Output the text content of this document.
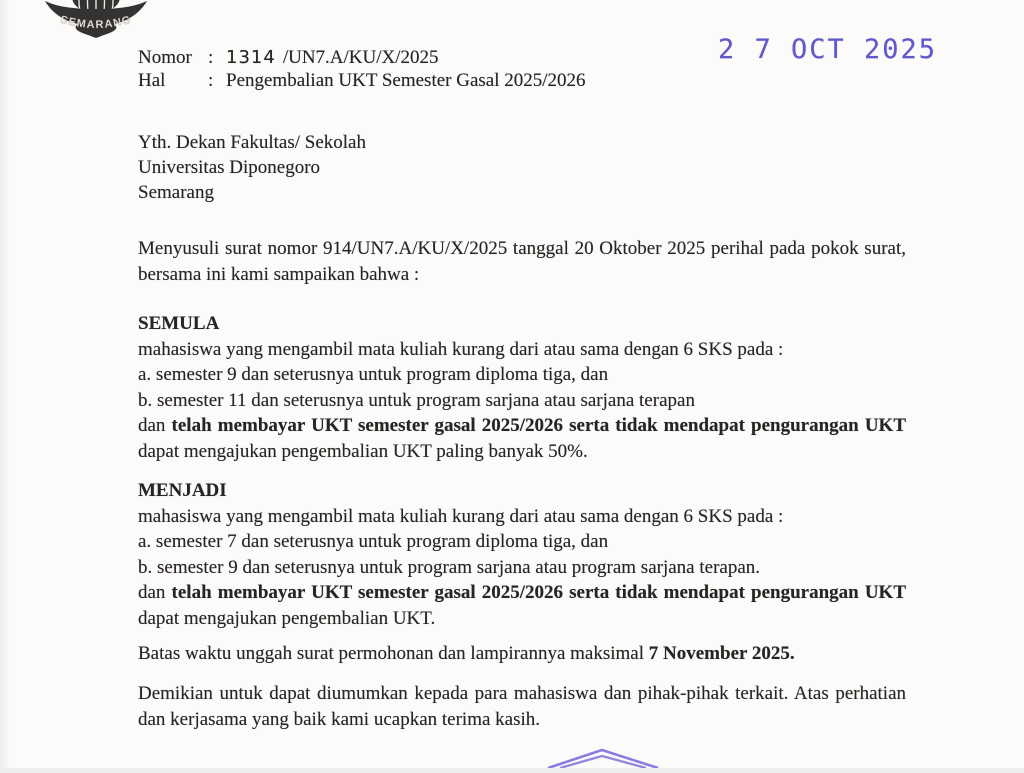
SEMARANG
Nomor : 1314 /UN7.A/KU/X/2025
Hal	: Pengembalian UKT Semester Gasal 2025/2026
2 7 OCT 2025
Yth. Dekan Fakultas/ Sekolah
Universitas Diponegoro
Semarang
Menyusuli surat nomor 914/UN7.A/KU/X/2025 tanggal 20 Oktober 2025 perihal pada pokok surat, bersama ini kami sampaikan bahwa :
SEMULA
mahasiswa yang mengambil mata kuliah kurang dari atau sama dengan 6 SKS pada :
a. semester 9 dan seterusnya untuk program diploma tiga, dan
b. semester 11 dan seterusnya untuk program sarjana atau sarjana terapan
dan telah membayar UKT semester gasal 2025/2026 serta tidak mendapat pengurangan UKT dapat mengajukan pengembalian UKT paling banyak 50%.
MENJADI
mahasiswa yang mengambil mata kuliah kurang dari atau sama dengan 6 SKS pada :
a. semester 7 dan seterusnya untuk program diploma tiga, dan
b. semester 9 dan seterusnya untuk program sarjana atau program sarjana terapan.
dan telah membayar UKT semester gasal 2025/2026 serta tidak mendapat pengurangan UKT dapat mengajukan pengembalian UKT.
Batas waktu unggah surat permohonan dan lampirannya maksimal 7 November 2025.
Demikian untuk dapat diumumkan kepada para mahasiswa dan pihak-pihak terkait. Atas perhatian dan kerjasama yang baik kami ucapkan terima kasih.
